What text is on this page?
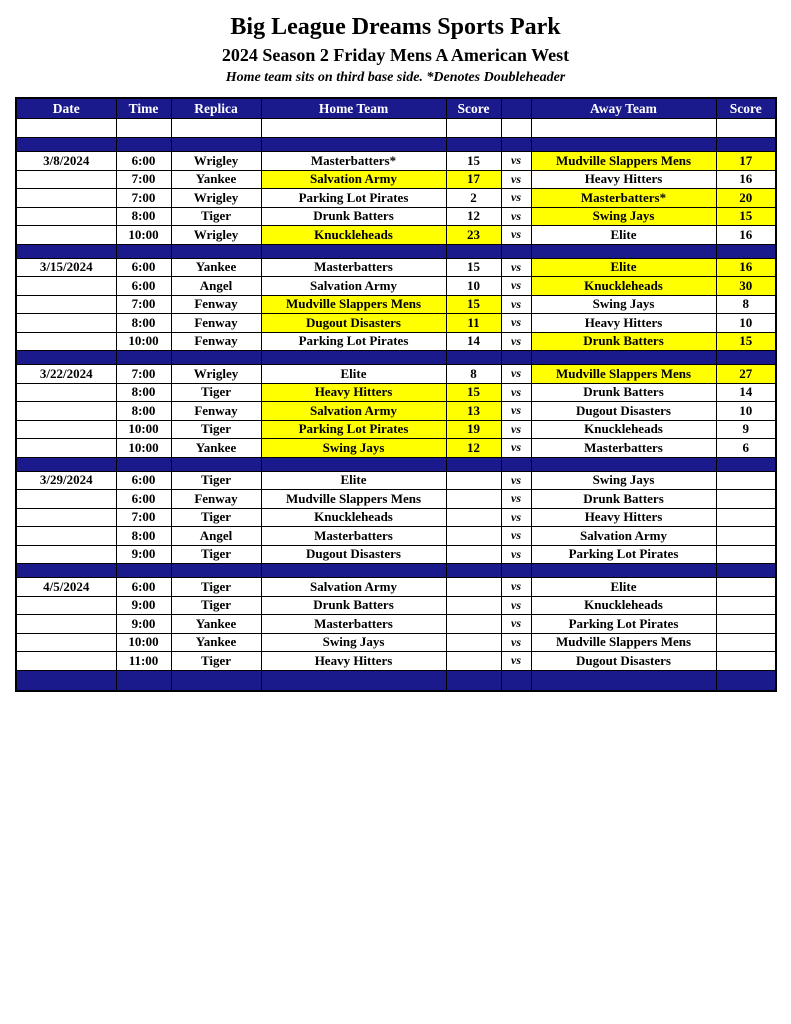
Big League Dreams Sports Park
2024 Season 2 Friday Mens A American West
Home team sits on third base side. *Denotes Doubleheader
Date	Time	Replica	Home Team	Score		Away Team	Score

3/8/2024	6:00	Wrigley	Masterbatters*	15	vs	Mudville Slappers Mens	17
	7:00	Yankee	Salvation Army	17	vs	Heavy Hitters	16
	7:00	Wrigley	Parking Lot Pirates	2	vs	Masterbatters*	20
	8:00	Tiger	Drunk Batters	12	vs	Swing Jays	15
	10:00	Wrigley	Knuckleheads	23	vs	Elite	16

3/15/2024	6:00	Yankee	Masterbatters	15	vs	Elite	16
	6:00	Angel	Salvation Army	10	vs	Knuckleheads	30
	7:00	Fenway	Mudville Slappers Mens	15	vs	Swing Jays	8
	8:00	Fenway	Dugout Disasters	11	vs	Heavy Hitters	10
	10:00	Fenway	Parking Lot Pirates	14	vs	Drunk Batters	15

3/22/2024	7:00	Wrigley	Elite	8	vs	Mudville Slappers Mens	27
	8:00	Tiger	Heavy Hitters	15	vs	Drunk Batters	14
	8:00	Fenway	Salvation Army	13	vs	Dugout Disasters	10
	10:00	Tiger	Parking Lot Pirates	19	vs	Knuckleheads	9
	10:00	Yankee	Swing Jays	12	vs	Masterbatters	6

3/29/2024	6:00	Tiger	Elite		vs	Swing Jays	
	6:00	Fenway	Mudville Slappers Mens		vs	Drunk Batters	
	7:00	Tiger	Knuckleheads		vs	Heavy Hitters	
	8:00	Angel	Masterbatters		vs	Salvation Army	
	9:00	Tiger	Dugout Disasters		vs	Parking Lot Pirates	

4/5/2024	6:00	Tiger	Salvation Army		vs	Elite	
	9:00	Tiger	Drunk Batters		vs	Knuckleheads	
	9:00	Yankee	Masterbatters		vs	Parking Lot Pirates	
	10:00	Yankee	Swing Jays		vs	Mudville Slappers Mens	
	11:00	Tiger	Heavy Hitters		vs	Dugout Disasters	
